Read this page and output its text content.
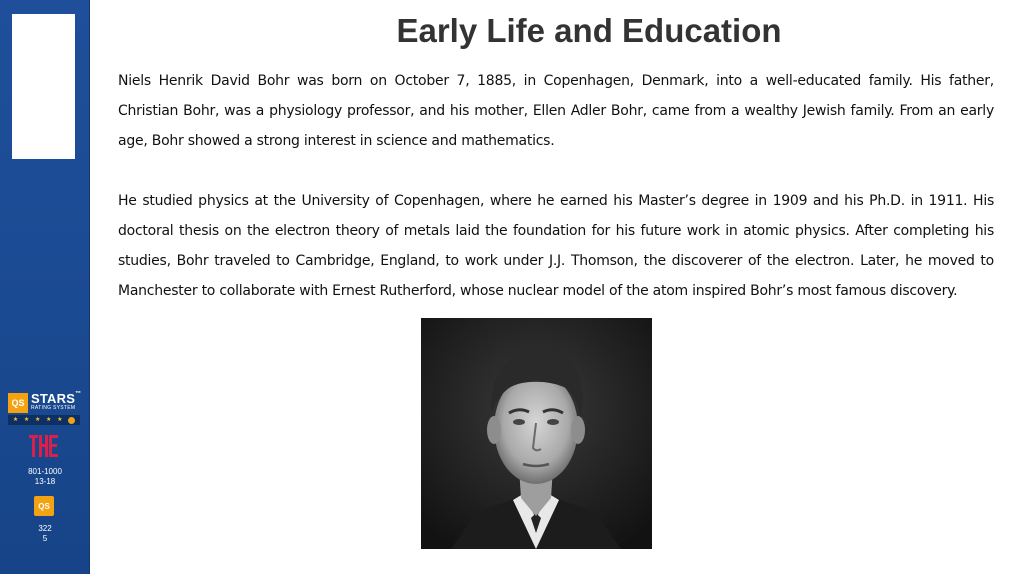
QS STARS™
RATING SYSTEM
★ ★ ★ ★ ★
801-1000
13-18
QS
322
5
Early Life and Education

Niels Henrik David Bohr was born on October 7, 1885, in Copenhagen, Denmark, into a well-educated family. His father, Christian Bohr, was a physiology professor, and his mother, Ellen Adler Bohr, came from a wealthy Jewish family. From an early age, Bohr showed a strong interest in science and mathematics.

He studied physics at the University of Copenhagen, where he earned his Master’s degree in 1909 and his Ph.D. in 1911. His doctoral thesis on the electron theory of metals laid the foundation for his future work in atomic physics. After completing his studies, Bohr traveled to Cambridge, England, to work under J.J. Thomson, the discoverer of the electron. Later, he moved to Manchester to collaborate with Ernest Rutherford, whose nuclear model of the atom inspired Bohr’s most famous discovery.
